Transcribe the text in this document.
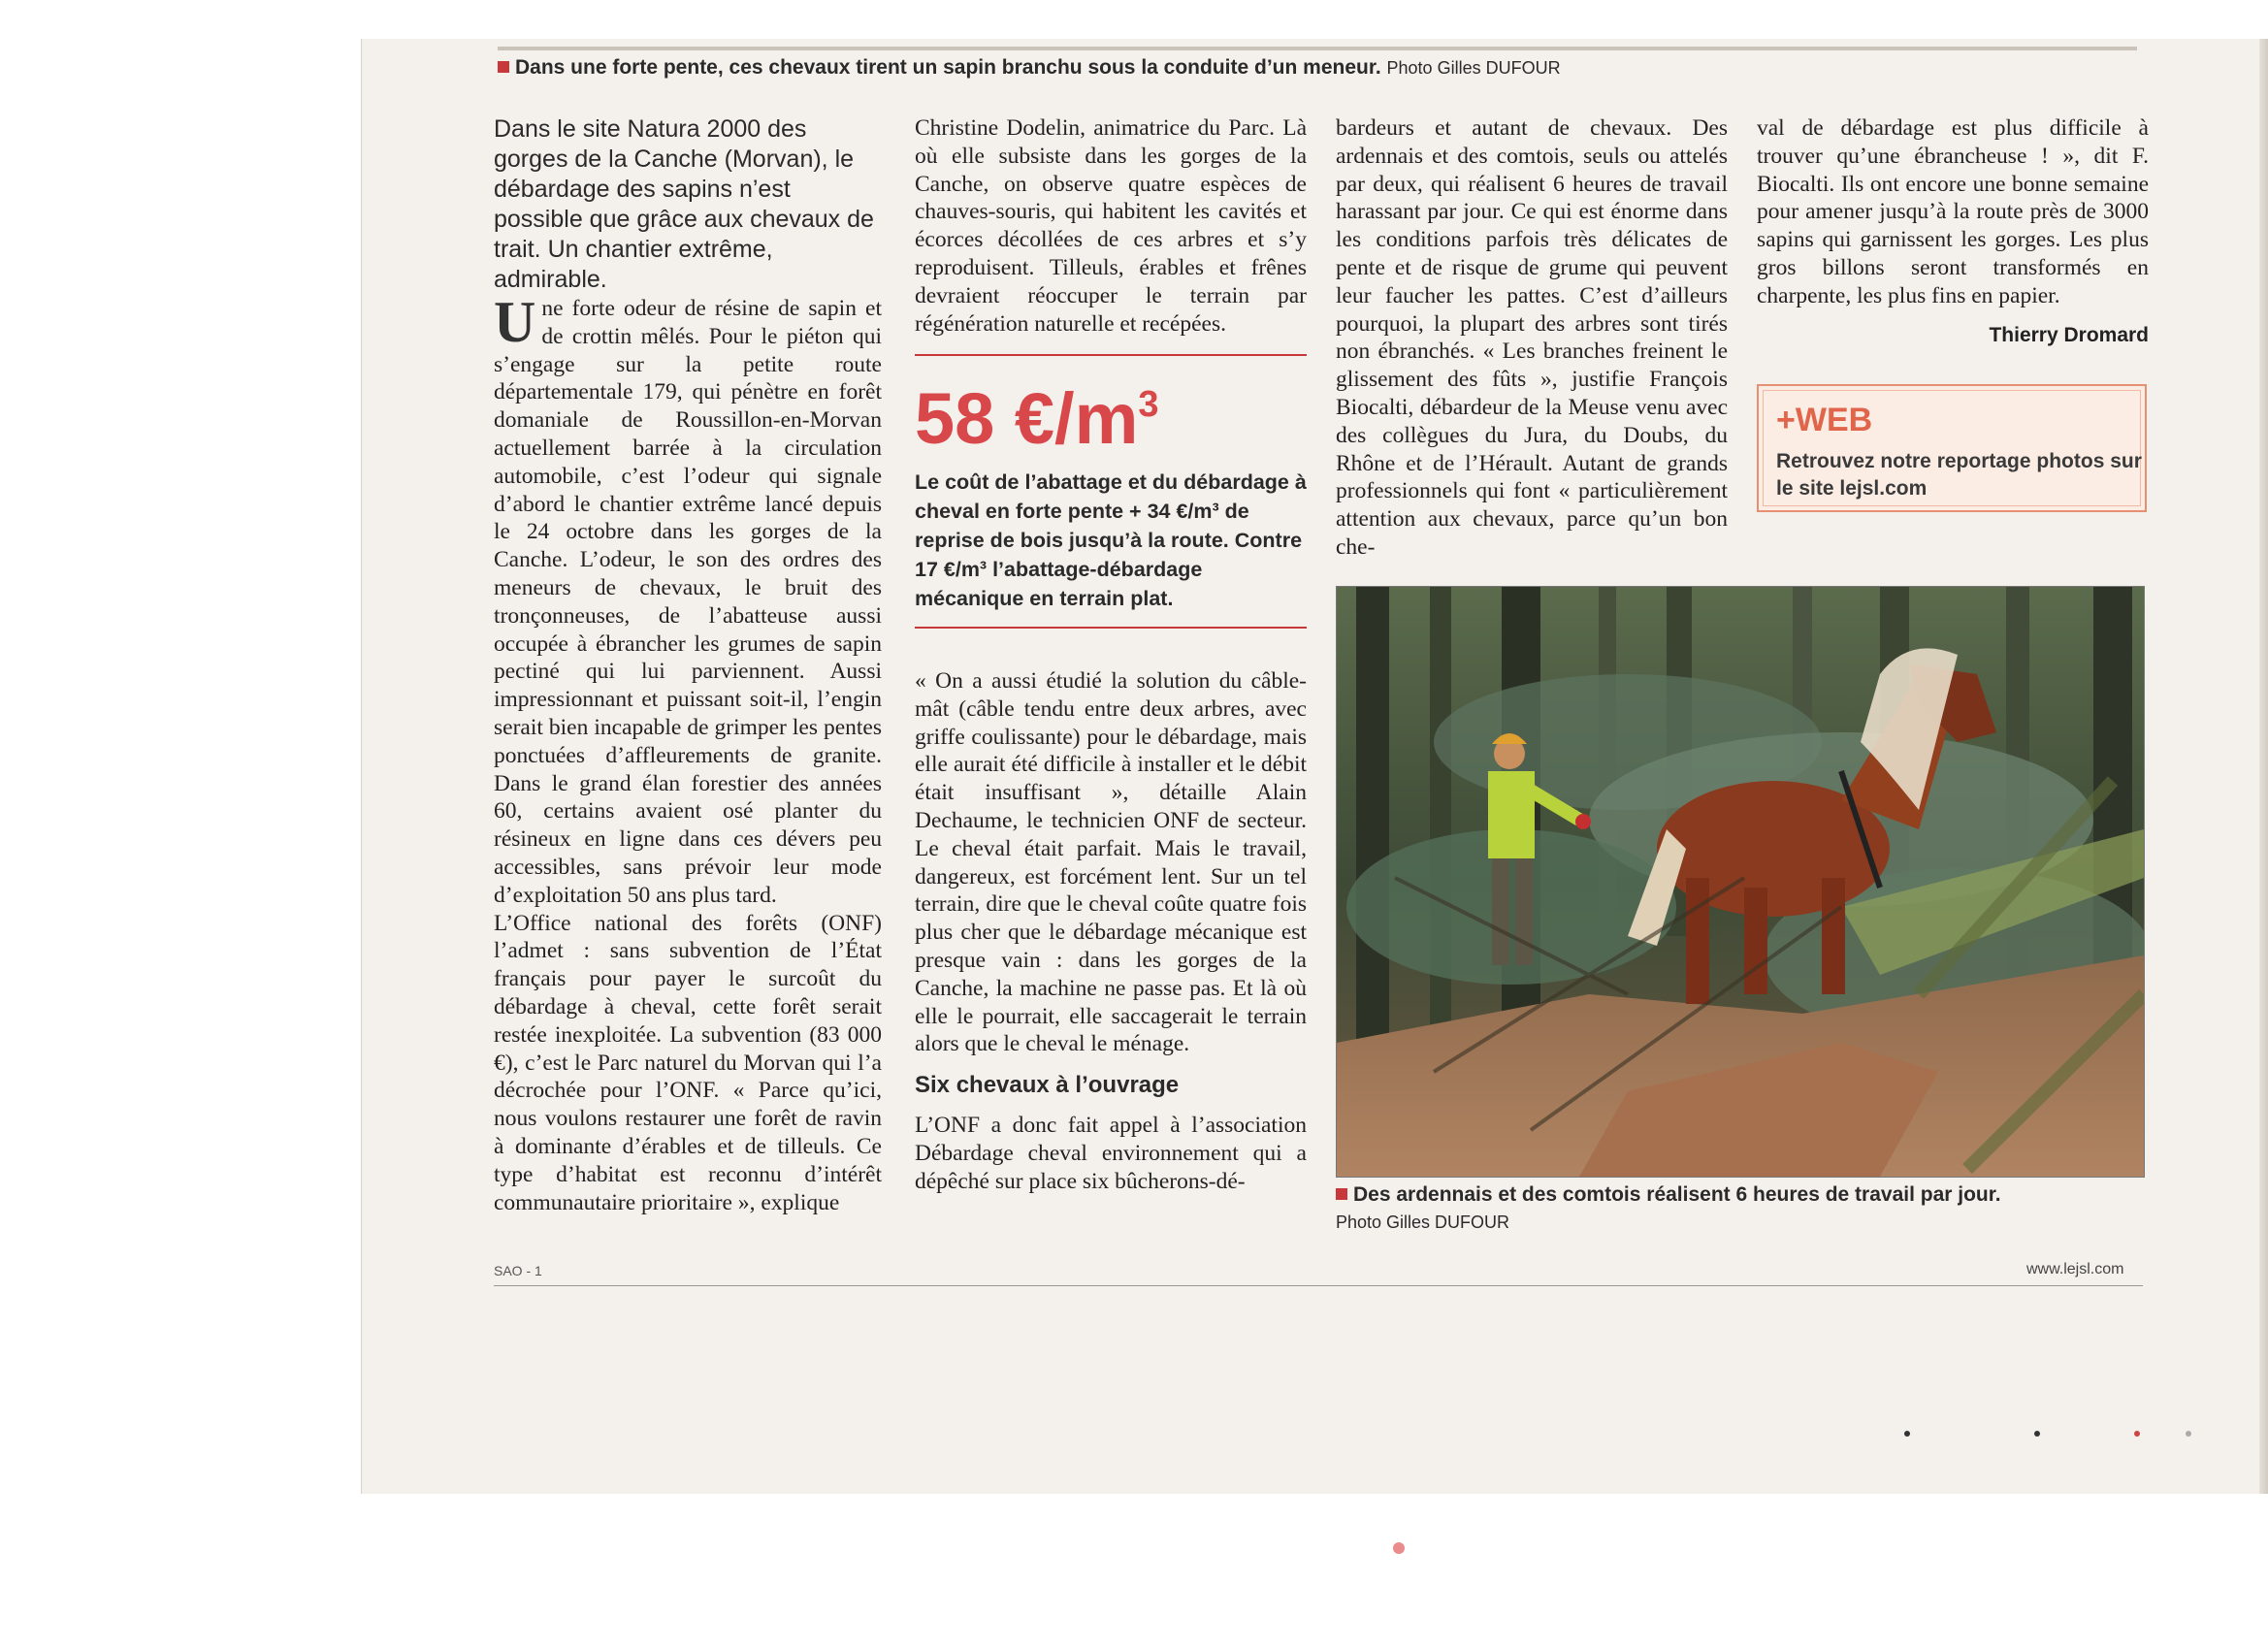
Dans une forte pente, ces chevaux tirent un sapin branchu sous la conduite d’un meneur. Photo Gilles DUFOUR

Dans le site Natura 2000 des gorges de la Canche (Morvan), le débardage des sapins n’est possible que grâce aux chevaux de trait. Un chantier extrême, admirable.

Une forte odeur de résine de sapin et de crottin mêlés. Pour le piéton qui s’engage sur la petite route départementale 179, qui pénètre en forêt domaniale de Roussillon-en-Morvan actuellement barrée à la circulation automobile, c’est l’odeur qui signale d’abord le chantier extrême lancé depuis le 24 octobre dans les gorges de la Canche. L’odeur, le son des ordres des meneurs de chevaux, le bruit des tronçonneuses, de l’abatteuse aussi occupée à ébrancher les grumes de sapin pectiné qui lui parviennent. Aussi impressionnant et puissant soit-il, l’engin serait bien incapable de grimper les pentes ponctuées d’affleurements de granite. Dans le grand élan forestier des années 60, certains avaient osé planter du résineux en ligne dans ces dévers peu accessibles, sans prévoir leur mode d’exploitation 50 ans plus tard.

L’Office national des forêts (ONF) l’admet : sans subvention de l’État français pour payer le surcoût du débardage à cheval, cette forêt serait restée inexploitée. La subvention (83 000 €), c’est le Parc naturel du Morvan qui l’a décrochée pour l’ONF. « Parce qu’ici, nous voulons restaurer une forêt de ravin à dominante d’érables et de tilleuls. Ce type d’habitat est reconnu d’intérêt communautaire prioritaire », explique

Christine Dodelin, animatrice du Parc. Là où elle subsiste dans les gorges de la Canche, on observe quatre espèces de chauves-souris, qui habitent les cavités et écorces décollées de ces arbres et s’y reproduisent. Tilleuls, érables et frênes devraient réoccuper le terrain par régénération naturelle et recépées.

58 $€/m^3$
Le coût de l’abattage et du débardage à cheval en forte pente + 34 €/m³ de reprise de bois jusqu’à la route. Contre 17 €/m³ l’abattage-débardage mécanique en terrain plat.

« On a aussi étudié la solution du câble-mât (câble tendu entre deux arbres, avec griffe coulissante) pour le débardage, mais elle aurait été difficile à installer et le débit était insuffisant », détaille Alain Dechaume, le technicien ONF de secteur. Le cheval était parfait. Mais le travail, dangereux, est forcément lent. Sur un tel terrain, dire que le cheval coûte quatre fois plus cher que le débardage mécanique est presque vain : dans les gorges de la Canche, la machine ne passe pas. Et là où elle le pourrait, elle saccagerait le terrain alors que le cheval le ménage.

Six chevaux à l’ouvrage

L’ONF a donc fait appel à l’association Débardage cheval environnement qui a dépêché sur place six bûcherons-dé-

bardeurs et autant de chevaux. Des ardennais et des comtois, seuls ou attelés par deux, qui réalisent 6 heures de travail harassant par jour. Ce qui est énorme dans les conditions parfois très délicates de pente et de risque de grume qui peuvent leur faucher les pattes. C’est d’ailleurs pourquoi, la plupart des arbres sont tirés non ébranchés. « Les branches freinent le glissement des fûts », justifie François Biocalti, débardeur de la Meuse venu avec des collègues du Jura, du Doubs, du Rhône et de l’Hérault. Autant de grands professionnels qui font « particulièrement attention aux chevaux, parce qu’un bon che-

val de débardage est plus difficile à trouver qu’une ébrancheuse ! », dit F. Biocalti. Ils ont encore une bonne semaine pour amener jusqu’à la route près de 3000 sapins qui garnissent les gorges. Les plus gros billons seront transformés en charpente, les plus fins en papier.

Thierry Dromard

+WEB
Retrouvez notre reportage photos sur le site lejsl.com
Des ardennais et des comtois réalisent 6 heures de travail par jour.
Photo Gilles DUFOUR
SAO - 1	www.lejsl.com
